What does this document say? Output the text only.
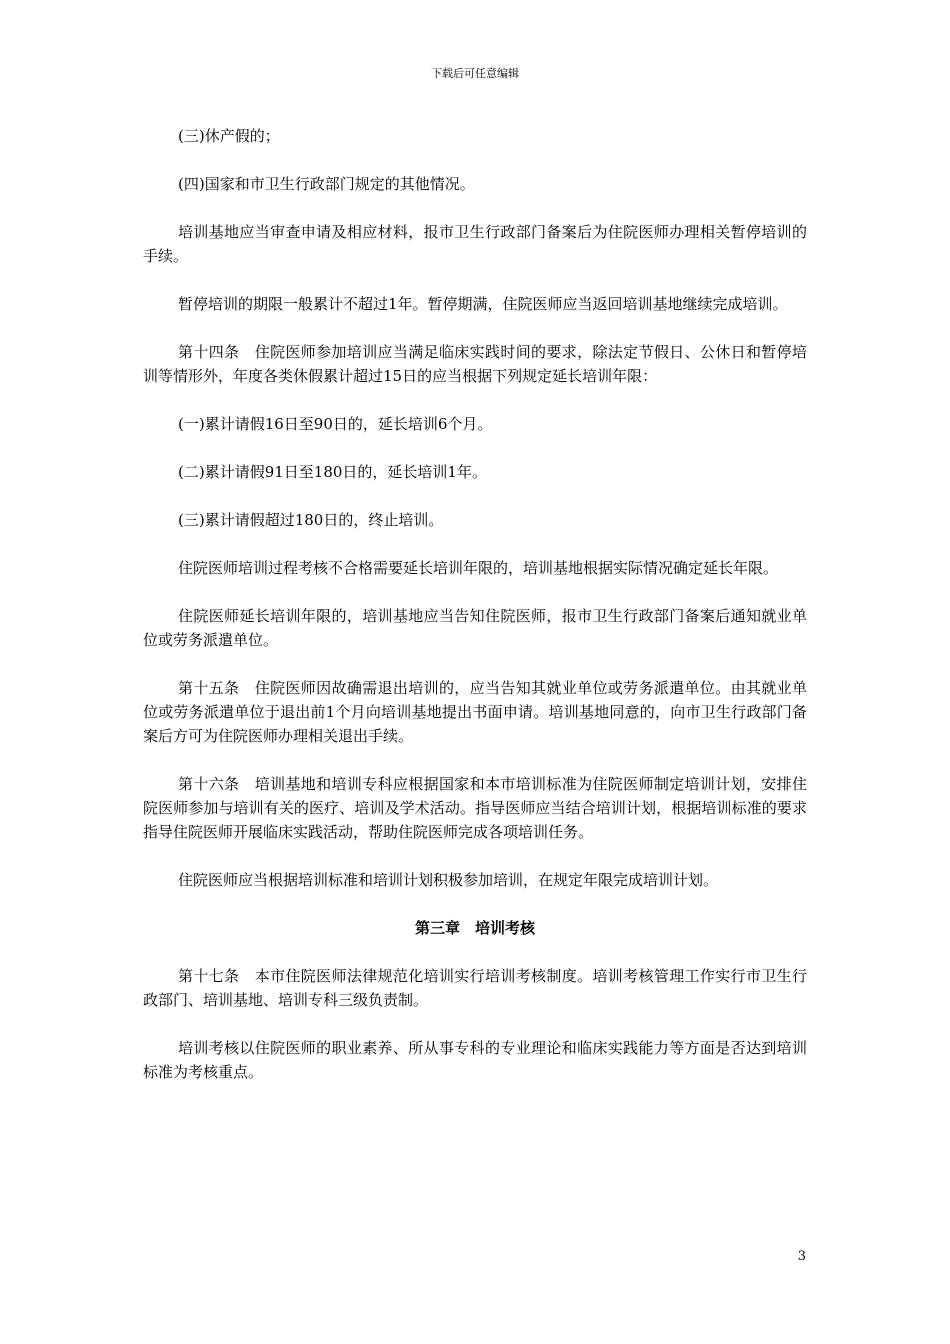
下载后可任意编辑

(三)休产假的；

(四)国家和市卫生行政部门规定的其他情况。

培训基地应当审查申请及相应材料，报市卫生行政部门备案后为住院医师办理相关暂停培训的手续。

暂停培训的期限一般累计不超过1年。暂停期满，住院医师应当返回培训基地继续完成培训。

第十四条　住院医师参加培训应当满足临床实践时间的要求，除法定节假日、公休日和暂停培训等情形外，年度各类休假累计超过15日的应当根据下列规定延长培训年限：

(一)累计请假16日至90日的，延长培训6个月。

(二)累计请假91日至180日的，延长培训1年。

(三)累计请假超过180日的，终止培训。

住院医师培训过程考核不合格需要延长培训年限的，培训基地根据实际情况确定延长年限。

住院医师延长培训年限的，培训基地应当告知住院医师，报市卫生行政部门备案后通知就业单位或劳务派遣单位。

第十五条　住院医师因故确需退出培训的，应当告知其就业单位或劳务派遣单位。由其就业单位或劳务派遣单位于退出前1个月向培训基地提出书面申请。培训基地同意的，向市卫生行政部门备案后方可为住院医师办理相关退出手续。

第十六条　培训基地和培训专科应根据国家和本市培训标准为住院医师制定培训计划，安排住院医师参加与培训有关的医疗、培训及学术活动。指导医师应当结合培训计划，根据培训标准的要求指导住院医师开展临床实践活动，帮助住院医师完成各项培训任务。

住院医师应当根据培训标准和培训计划积极参加培训，在规定年限完成培训计划。

第三章　培训考核

第十七条　本市住院医师法律规范化培训实行培训考核制度。培训考核管理工作实行市卫生行政部门、培训基地、培训专科三级负责制。

培训考核以住院医师的职业素养、所从事专科的专业理论和临床实践能力等方面是否达到培训标准为考核重点。

3
